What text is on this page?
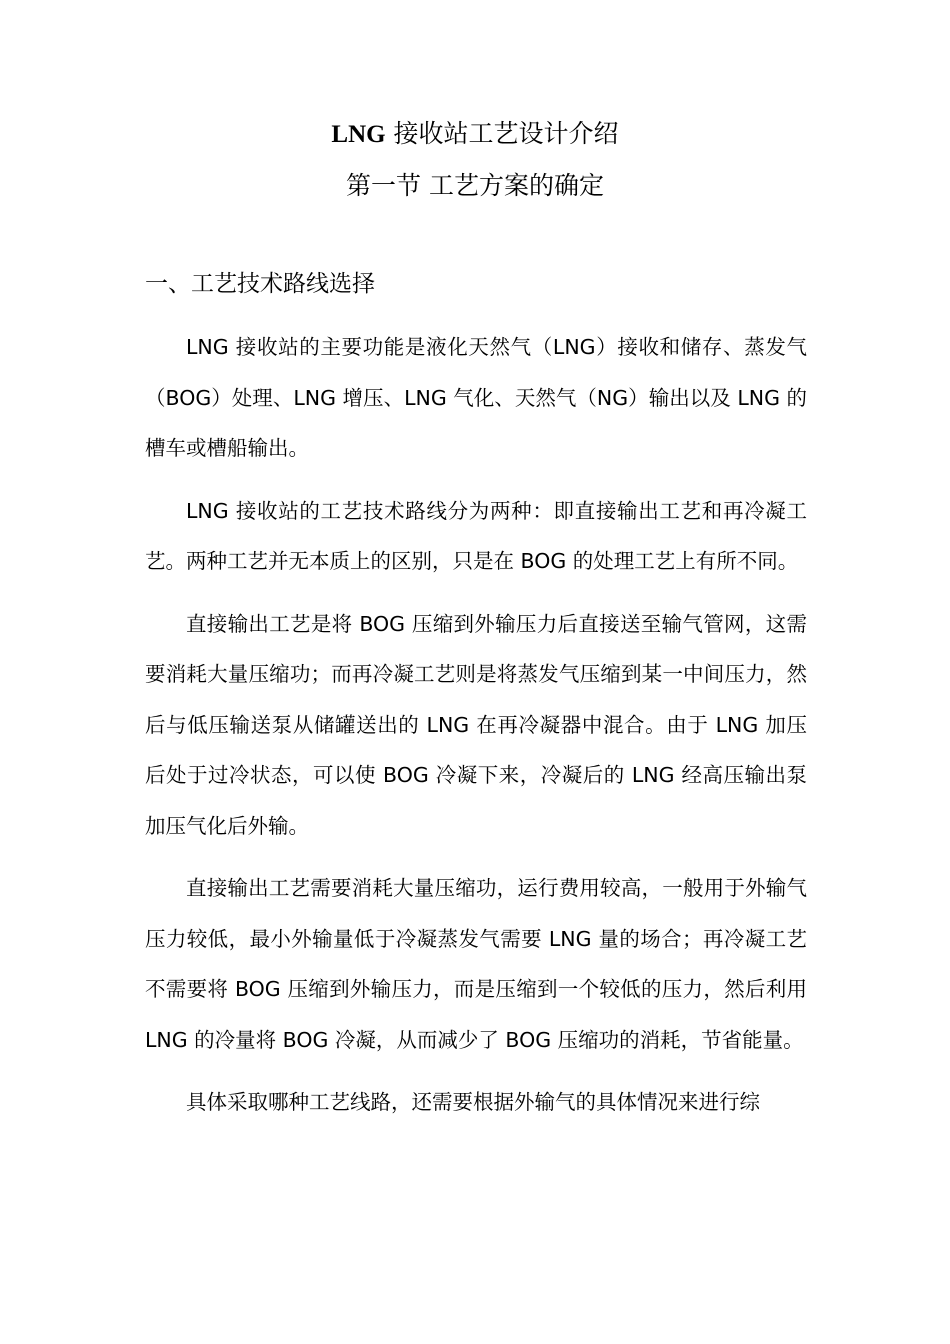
LNG 接收站工艺设计介绍
第一节 工艺方案的确定
一、工艺技术路线选择

LNG 接收站的主要功能是液化天然气（LNG）接收和储存、蒸发气（BOG）处理、LNG 增压、LNG 气化、天然气（NG）输出以及 LNG 的槽车或槽船输出。

LNG 接收站的工艺技术路线分为两种：即直接输出工艺和再冷凝工艺。两种工艺并无本质上的区别，只是在 BOG 的处理工艺上有所不同。

直接输出工艺是将 BOG 压缩到外输压力后直接送至输气管网，这需要消耗大量压缩功；而再冷凝工艺则是将蒸发气压缩到某一中间压力，然后与低压输送泵从储罐送出的 LNG 在再冷凝器中混合。由于 LNG 加压后处于过冷状态，可以使 BOG 冷凝下来，冷凝后的 LNG 经高压输出泵加压气化后外输。

直接输出工艺需要消耗大量压缩功，运行费用较高，一般用于外输气压力较低，最小外输量低于冷凝蒸发气需要 LNG 量的场合；再冷凝工艺不需要将 BOG 压缩到外输压力，而是压缩到一个较低的压力，然后利用 LNG 的冷量将 BOG 冷凝，从而减少了 BOG 压缩功的消耗，节省能量。

具体采取哪种工艺线路，还需要根据外输气的具体情况来进行综
